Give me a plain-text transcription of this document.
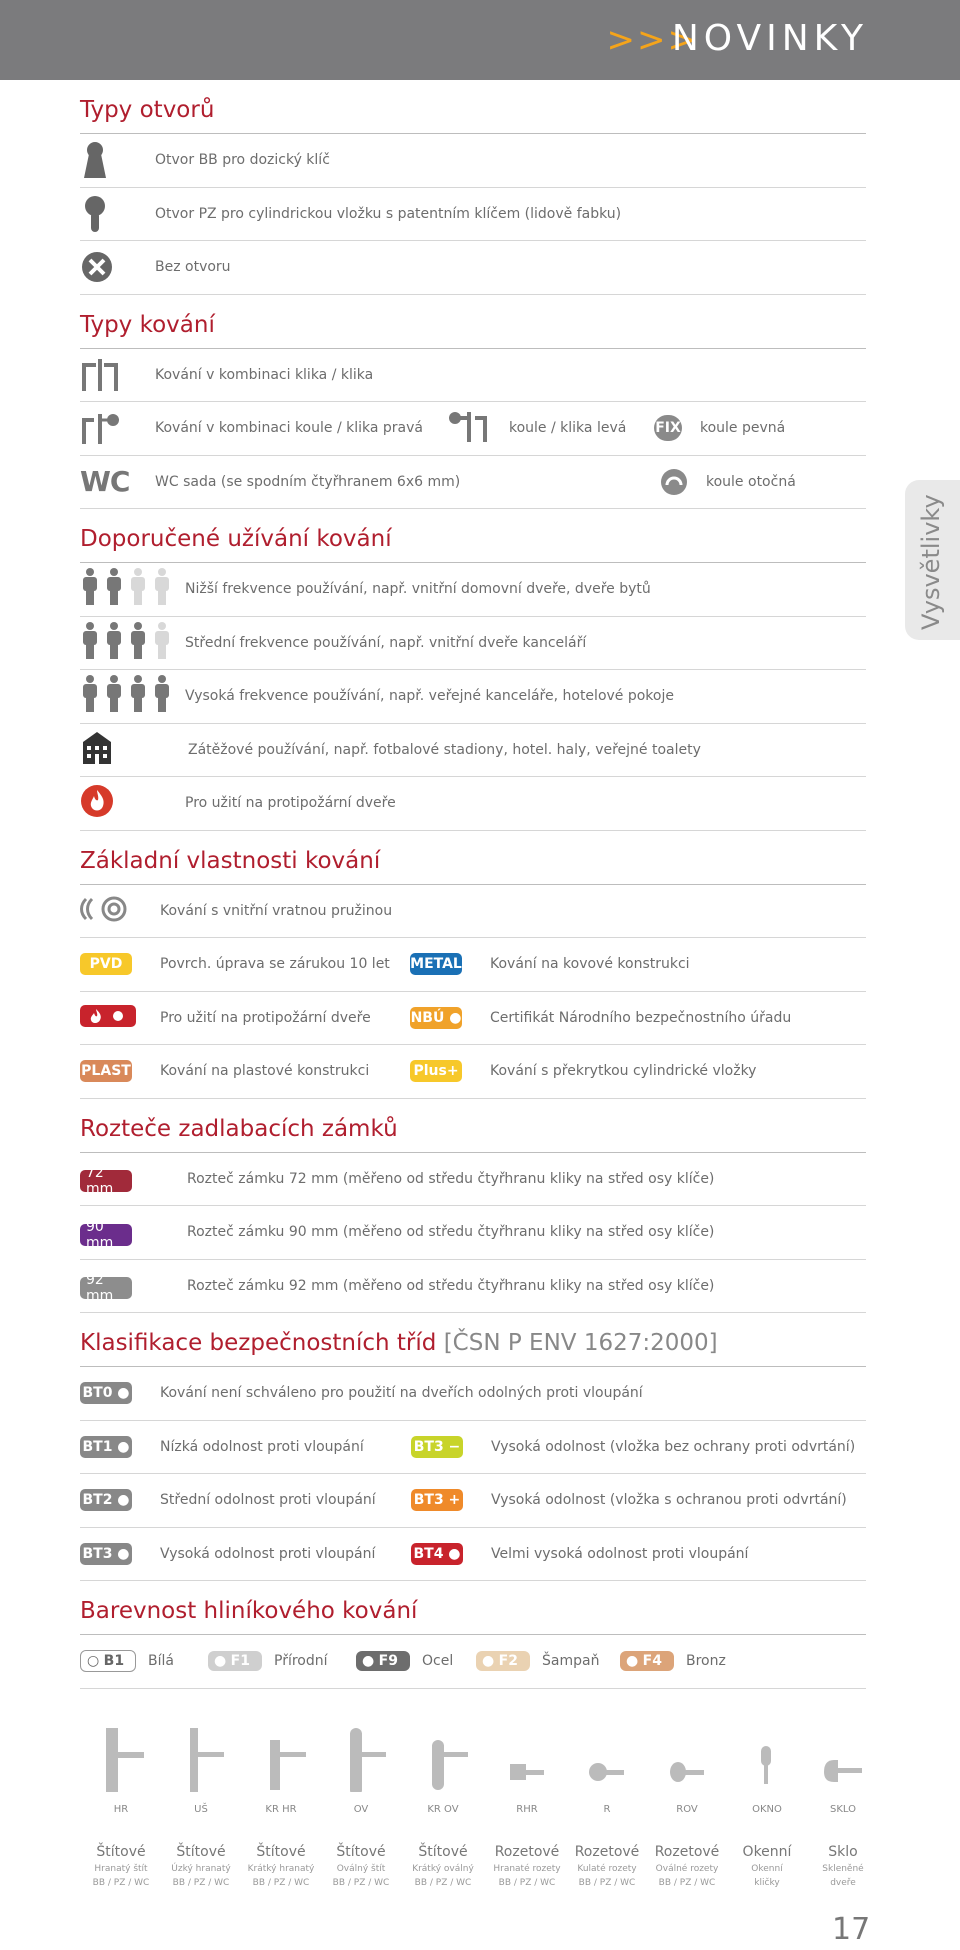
>>>
NOVINKY
Vysvětlivky
Typy otvorů
Otvor BB pro dozický klíč
Otvor PZ pro cylindrickou vložku s patentním klíčem (lidově fabku)
Bez otvoru
Typy kování
Kování v kombinaci klika / klika
Kování v kombinaci koule / klika pravá	koule / klika levá	FIX koule pevná
WC WC sada (se spodním čtyřhranem 6x6 mm)	koule otočná
Doporučené užívání kování
Nižší frekvence používání, např. vnitřní domovní dveře, dveře bytů
Střední frekvence používání, např. vnitřní dveře kanceláří
Vysoká frekvence používání, např. veřejné kanceláře, hotelové pokoje
Zátěžové používání, např. fotbalové stadiony, hotel. haly, veřejné toalety
Pro užití na protipožární dveře
Základní vlastnosti kování
Kování s vnitřní vratnou pružinou
PVD	Povrch. úprava se zárukou 10 let	METAL	Kování na kovové konstrukci
Pro užití na protipožární dveře	NBÚ ●	Certifikát Národního bezpečnostního úřadu
PLAST	Kování na plastové konstrukci	Plus +	Kování s překrytkou cylindrické vložky
Rozteče zadlabacích zámků
72 mm
Rozteč zámku 72 mm (měřeno od středu čtyřhranu kliky na střed osy klíče)
90 mm
Rozteč zámku 90 mm (měřeno od středu čtyřhranu kliky na střed osy klíče)
92 mm
Rozteč zámku 92 mm (měřeno od středu čtyřhranu kliky na střed osy klíče)
Klasifikace bezpečnostních tříd [ČSN P ENV 1627:2000]
BT0 ●	Kování není schváleno pro použití na dveřích odolných proti vloupání
BT1 ●	Nízká odolnost proti vloupání	BT3 −	Vysoká odolnost (vložka bez ochrany proti odvrtání)
BT2 ●	Střední odolnost proti vloupání	BT3 +	Vysoká odolnost (vložka s ochranou proti odvrtání)
BT3 ●	Vysoká odolnost proti vloupání	BT4 ●	Velmi vysoká odolnost proti vloupání
Barevnost hliníkového kování
○ B1 Bílá	● F1 Přírodní	● F9 Ocel	● F2 Šampaň	● F4 Bronz
HR
Štítové
Hranatý štít
BB / PZ / WC
UŠ
Štítové
Úzký hranatý
BB / PZ / WC
KR HR
Štítové
Krátký hranatý
BB / PZ / WC
OV
Štítové
Oválný štít
BB / PZ / WC
KR OV
Štítové
Krátký oválný
BB / PZ / WC
RHR
Rozetové
Hranaté rozety
BB / PZ / WC
R
Rozetové
Kulaté rozety
BB / PZ / WC
ROV
Rozetové
Oválné rozety
BB / PZ / WC
OKNO
Okenní
Okenní
kličky
SKLO
Sklo
Skleněné
dveře
17
